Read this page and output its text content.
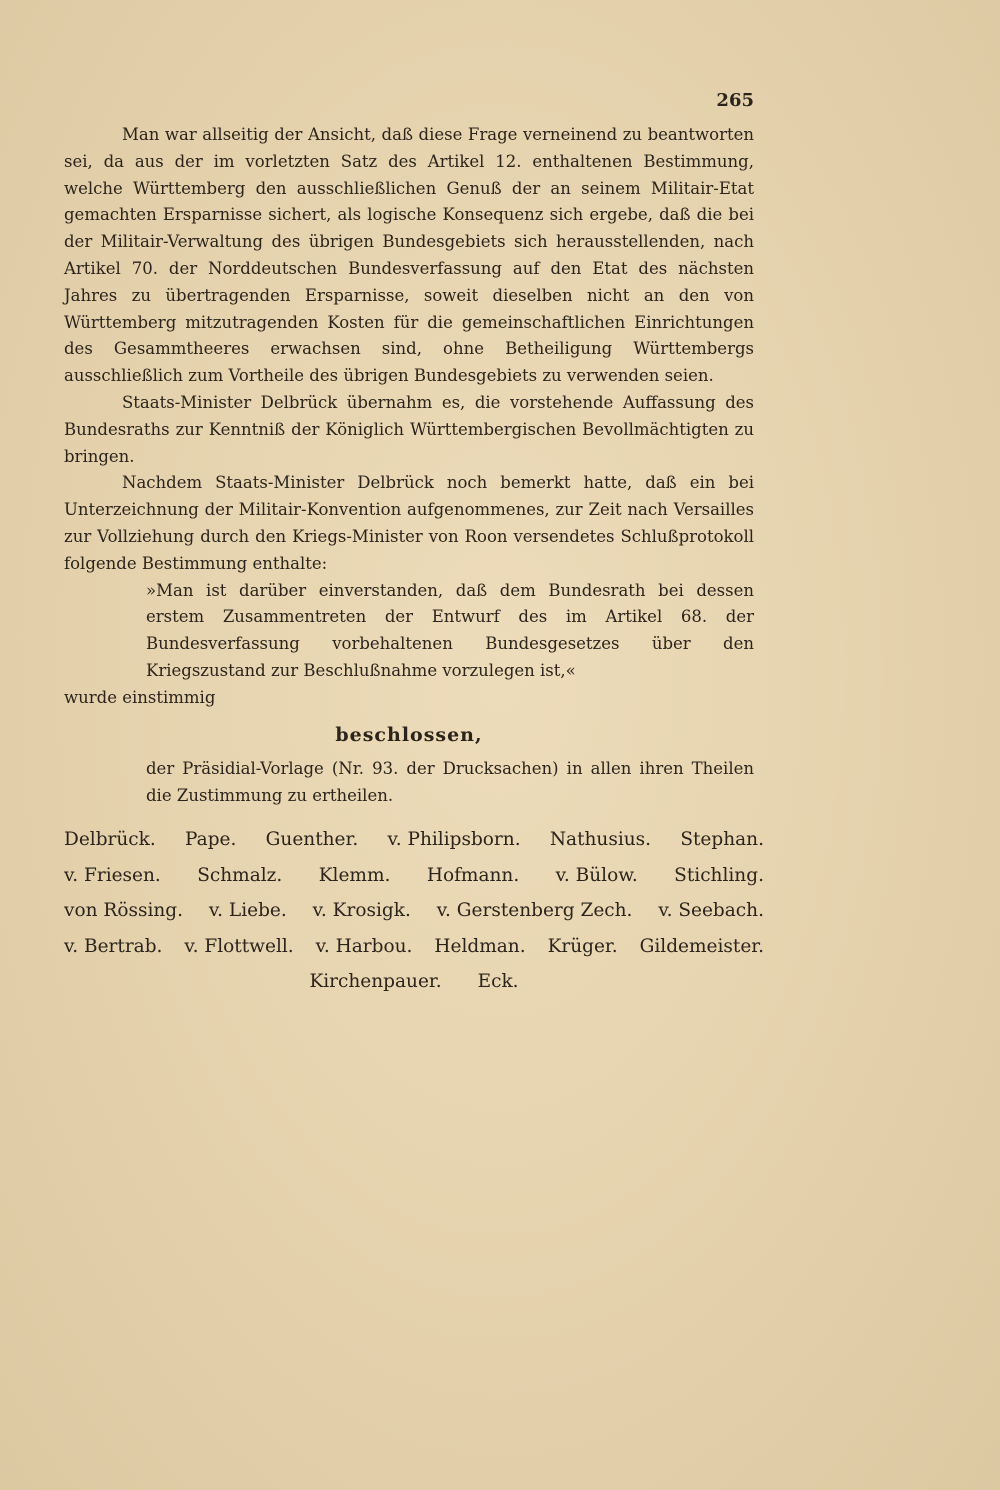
265

Man war allseitig der Ansicht, daß diese Frage verneinend zu beantworten sei, da aus der im vorletzten Satz des Artikel 12. enthaltenen Bestimmung, welche Württemberg den ausschließlichen Genuß der an seinem Militair-Etat gemachten Ersparnisse sichert, als logische Konsequenz sich ergebe, daß die bei der Militair-Verwaltung des übrigen Bundesgebiets sich herausstellenden, nach Artikel 70. der Norddeutschen Bundesverfassung auf den Etat des nächsten Jahres zu übertragenden Ersparnisse, soweit dieselben nicht an den von Württemberg mitzutragenden Kosten für die gemeinschaftlichen Einrichtungen des Gesammtheeres erwachsen sind, ohne Betheiligung Württembergs ausschließlich zum Vortheile des übrigen Bundesgebiets zu verwenden seien.

Staats-Minister Delbrück übernahm es, die vorstehende Auffassung des Bundesraths zur Kenntniß der Königlich Württembergischen Bevollmächtigten zu bringen.

Nachdem Staats-Minister Delbrück noch bemerkt hatte, daß ein bei Unterzeichnung der Militair-Konvention aufgenommenes, zur Zeit nach Versailles zur Vollziehung durch den Kriegs-Minister von Roon versendetes Schlußprotokoll folgende Bestimmung enthalte:

»Man ist darüber einverstanden, daß dem Bundesrath bei dessen erstem Zusammentreten der Entwurf des im Artikel 68. der Bundesverfassung vorbehaltenen Bundesgesetzes über den Kriegszustand zur Beschlußnahme vorzulegen ist,«

wurde einstimmig

beschlossen,

der Präsidial-Vorlage (Nr. 93. der Drucksachen) in allen ihren Theilen die Zustimmung zu ertheilen.

Delbrück. Pape. Guenther. v. Philipsborn. Nathusius. Stephan.
v. Friesen. Schmalz. Klemm. Hofmann. v. Bülow. Stichling.
von Rössing. v. Liebe. v. Krosigk. v. Gerstenberg Zech. v. Seebach.
v. Bertrab. v. Flottwell. v. Harbou. Heldman. Krüger. Gildemeister.
Kirchenpauer. Eck.
